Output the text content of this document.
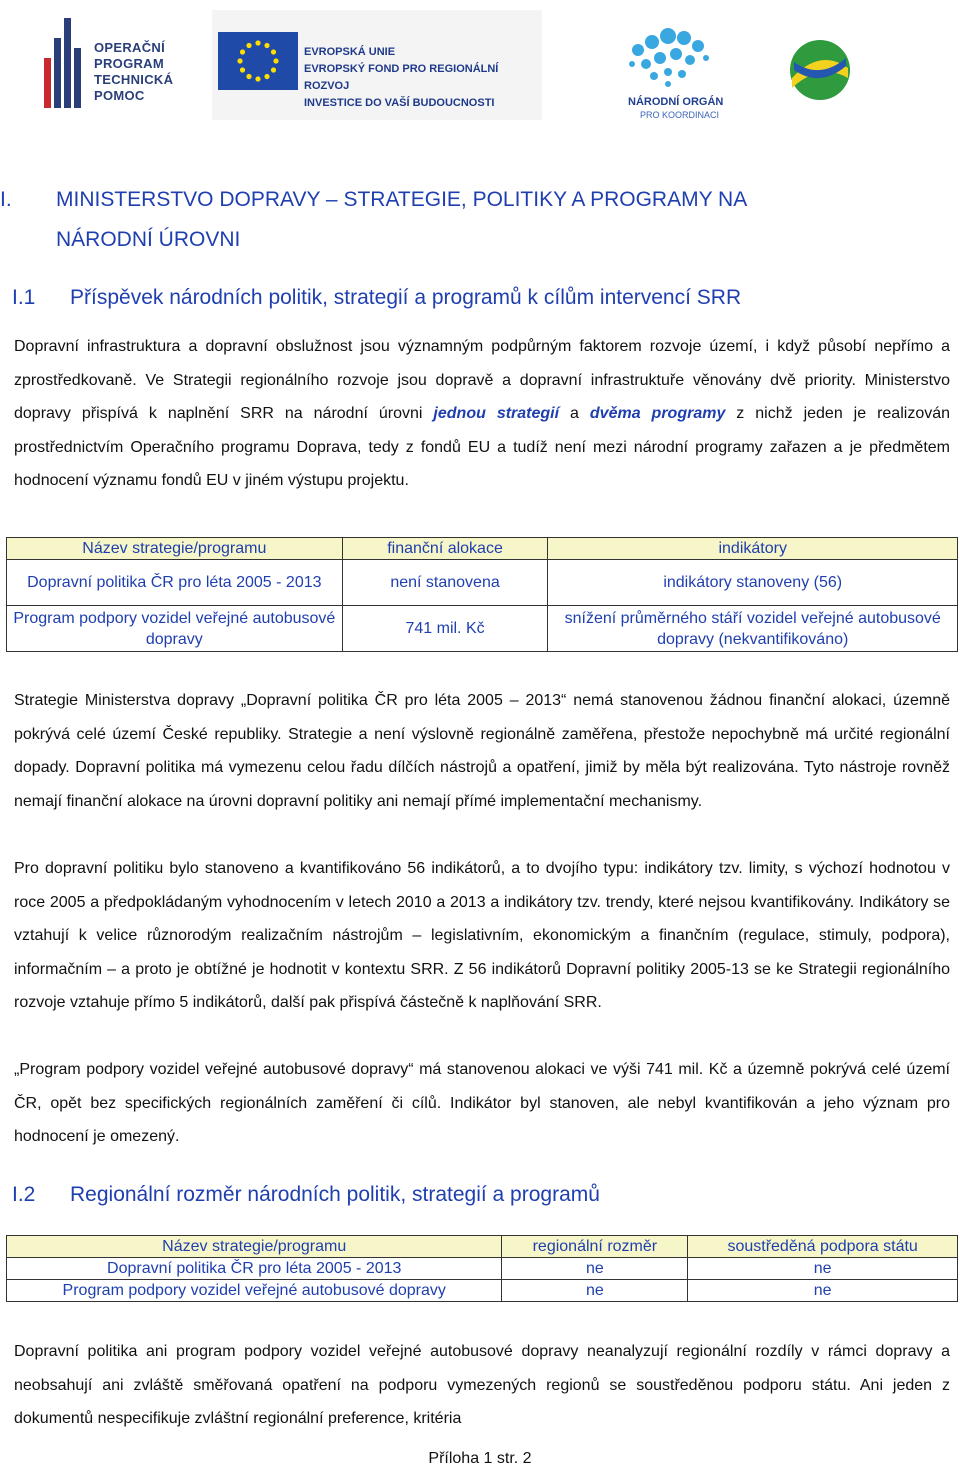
OPERAČNÍ
PROGRAM
TECHNICKÁ
POMOC
EVROPSKÁ UNIE
EVROPSKÝ FOND PRO REGIONÁLNÍ ROZVOJ
INVESTICE DO VAŠÍ BUDOUCNOSTI	NÁRODNÍ ORGÁN
PRO KOORDINACI
I. MINISTERSTVO DOPRAVY – STRATEGIE, POLITIKY A PROGRAMY NA
NÁRODNÍ ÚROVNI
I.1 Příspěvek národních politik, strategií a programů k cílům intervencí SRR
Dopravní infrastruktura a dopravní obslužnost jsou významným podpůrným faktorem rozvoje území, i když působí nepřímo a zprostředkovaně. Ve Strategii regionálního rozvoje jsou dopravě a dopravní infrastruktuře věnovány dvě priority. Ministerstvo dopravy přispívá k naplnění SRR na národní úrovni jednou strategií a dvěma programy z nichž jeden je realizován prostřednictvím Operačního programu Doprava, tedy z fondů EU a tudíž není mezi národní programy zařazen a je předmětem hodnocení významu fondů EU v jiném výstupu projektu.
Název strategie/programu	finanční alokace	indikátory
Dopravní politika ČR pro léta 2005 - 2013	není stanovena	indikátory stanoveny (56)
Program podpory vozidel veřejné autobusové dopravy	741 mil. Kč	snížení průměrného stáří vozidel veřejné autobusové dopravy (nekvantifikováno)
Strategie Ministerstva dopravy „Dopravní politika ČR pro léta 2005 – 2013“ nemá stanovenou žádnou finanční alokaci, územně pokrývá celé území České republiky. Strategie a není výslovně regionálně zaměřena, přestože nepochybně má určité regionální dopady. Dopravní politika má vymezenu celou řadu dílčích nástrojů a opatření, jimiž by měla být realizována. Tyto nástroje rovněž nemají finanční alokace na úrovni dopravní politiky ani nemají přímé implementační mechanismy.
Pro dopravní politiku bylo stanoveno a kvantifikováno 56 indikátorů, a to dvojího typu: indikátory tzv. limity, s výchozí hodnotou v roce 2005 a předpokládaným vyhodnocením v letech 2010 a 2013 a indikátory tzv. trendy, které nejsou kvantifikovány. Indikátory se vztahují k velice různorodým realizačním nástrojům – legislativním, ekonomickým a finančním (regulace, stimuly, podpora), informačním – a proto je obtížné je hodnotit v kontextu SRR. Z 56 indikátorů Dopravní politiky 2005-13 se ke Strategii regionálního rozvoje vztahuje přímo 5 indikátorů, další pak přispívá částečně k naplňování SRR.
„Program podpory vozidel veřejné autobusové dopravy“ má stanovenou alokaci ve výši 741 mil. Kč a územně pokrývá celé území ČR, opět bez specifických regionálních zaměření či cílů. Indikátor byl stanoven, ale nebyl kvantifikován a jeho význam pro hodnocení je omezený.
I.2 Regionální rozměr národních politik, strategií a programů
Název strategie/programu	regionální rozměr	soustředěná podpora státu
Dopravní politika ČR pro léta 2005 - 2013	ne	ne
Program podpory vozidel veřejné autobusové dopravy	ne	ne
Dopravní politika ani program podpory vozidel veřejné autobusové dopravy neanalyzují regionální rozdíly v rámci dopravy a neobsahují ani zvláště směřovaná opatření na podporu vymezených regionů se soustředěnou podporu státu. Ani jeden z dokumentů nespecifikuje zvláštní regionální preference, kritéria
Příloha 1 str. 2
